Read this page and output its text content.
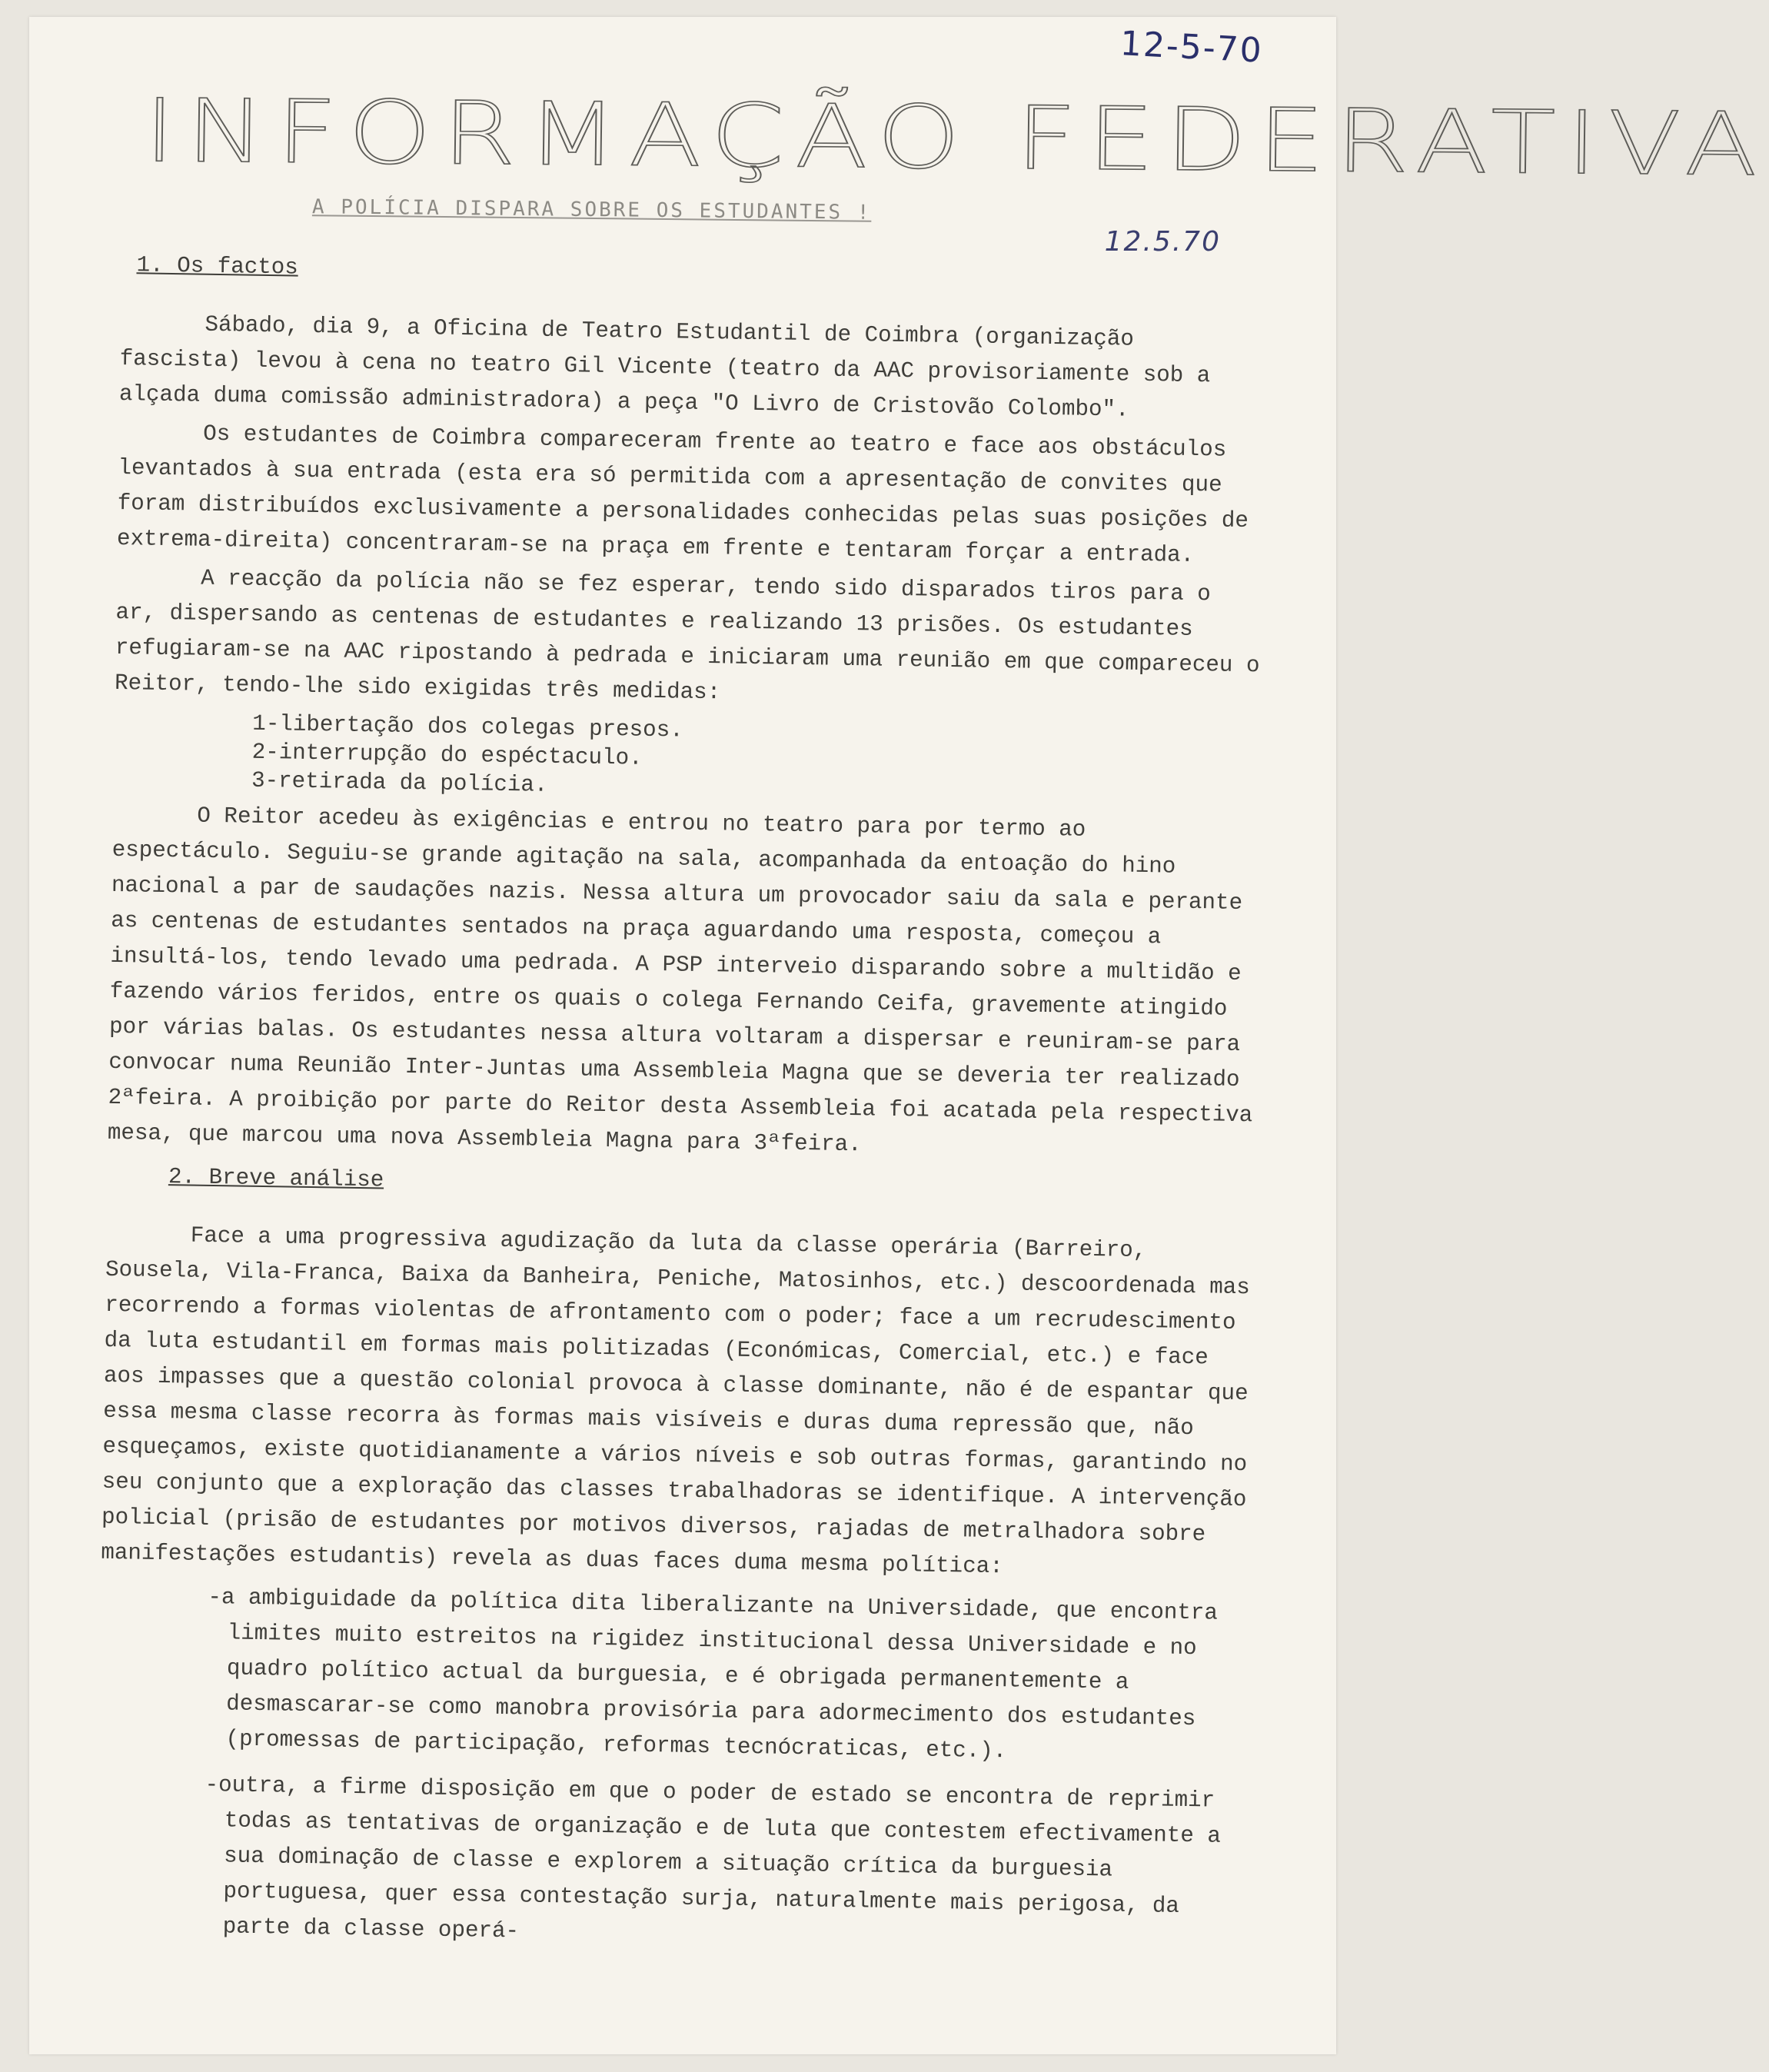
12-5-70
INFORMAÇÃO FEDERATIVA
A POLÍCIA DISPARA SOBRE OS ESTUDANTES !
12.5.70
1. Os factos

Sábado, dia 9, a Oficina de Teatro Estudantil de Coimbra (organização fascista) levou à cena no teatro Gil Vicente (teatro da AAC provisoriamente sob a alçada duma comissão administradora) a peça "O Livro de Cristovão Colombo".

Os estudantes de Coimbra compareceram frente ao teatro e face aos obstáculos levantados à sua entrada (esta era só permitida com a apresentação de convites que foram distribuídos exclusivamente a personalidades conhecidas pelas suas posições de extrema-direita) concentraram-se na praça em frente e tentaram forçar a entrada.

A reacção da polícia não se fez esperar, tendo sido disparados tiros para o ar, dispersando as centenas de estudantes e realizando 13 prisões. Os estudantes refugiaram-se na AAC ripostando à pedrada e iniciaram uma reunião em que compareceu o Reitor, tendo-lhe sido exigidas três medidas:

1-libertação dos colegas presos.
2-interrupção do espéctaculo.
3-retirada da polícia.

O Reitor acedeu às exigências e entrou no teatro para por termo ao espectáculo. Seguiu-se grande agitação na sala, acompanhada da entoação do hino nacional a par de saudações nazis. Nessa altura um provocador saiu da sala e perante as centenas de estudantes sentados na praça aguardando uma resposta, começou a insultá-los, tendo levado uma pedrada. A PSP interveio disparando sobre a multidão e fazendo vários feridos, entre os quais o colega Fernando Ceifa, gravemente atingido por várias balas. Os estudantes nessa altura voltaram a dispersar e reuniram-se para convocar numa Reunião Inter-Juntas uma Assembleia Magna que se deveria ter realizado 2ªfeira. A proibição por parte do Reitor desta Assembleia foi acatada pela respectiva mesa, que marcou uma nova Assembleia Magna para 3ªfeira.

2. Breve análise

Face a uma progressiva agudização da luta da classe operária (Barreiro, Sousela, Vila-Franca, Baixa da Banheira, Peniche, Matosinhos, etc.) descoordenada mas recorrendo a formas violentas de afrontamento com o poder; face a um recrudescimento da luta estudantil em formas mais politizadas (Económicas, Comercial, etc.) e face aos impasses que a questão colonial provoca à classe dominante, não é de espantar que essa mesma classe recorra às formas mais visíveis e duras duma repressão que, não esqueçamos, existe quotidianamente a vários níveis e sob outras formas, garantindo no seu conjunto que a exploração das classes trabalhadoras se identifique. A intervenção policial (prisão de estudantes por motivos diversos, rajadas de metralhadora sobre manifestações estudantis) revela as duas faces duma mesma política:

-a ambiguidade da política dita liberalizante na Universidade, que encontra limites muito estreitos na rigidez institucional dessa Universidade e no quadro político actual da burguesia, e é obrigada permanentemente a desmascarar-se como manobra provisória para adormecimento dos estudantes (promessas de participação, reformas tecnócraticas, etc.).
-outra, a firme disposição em que o poder de estado se encontra de reprimir todas as tentativas de organização e de luta que contestem efectivamente a sua dominação de classe e explorem a situação crítica da burguesia portuguesa, quer essa contestação surja, naturalmente mais perigosa, da parte da classe operá-
